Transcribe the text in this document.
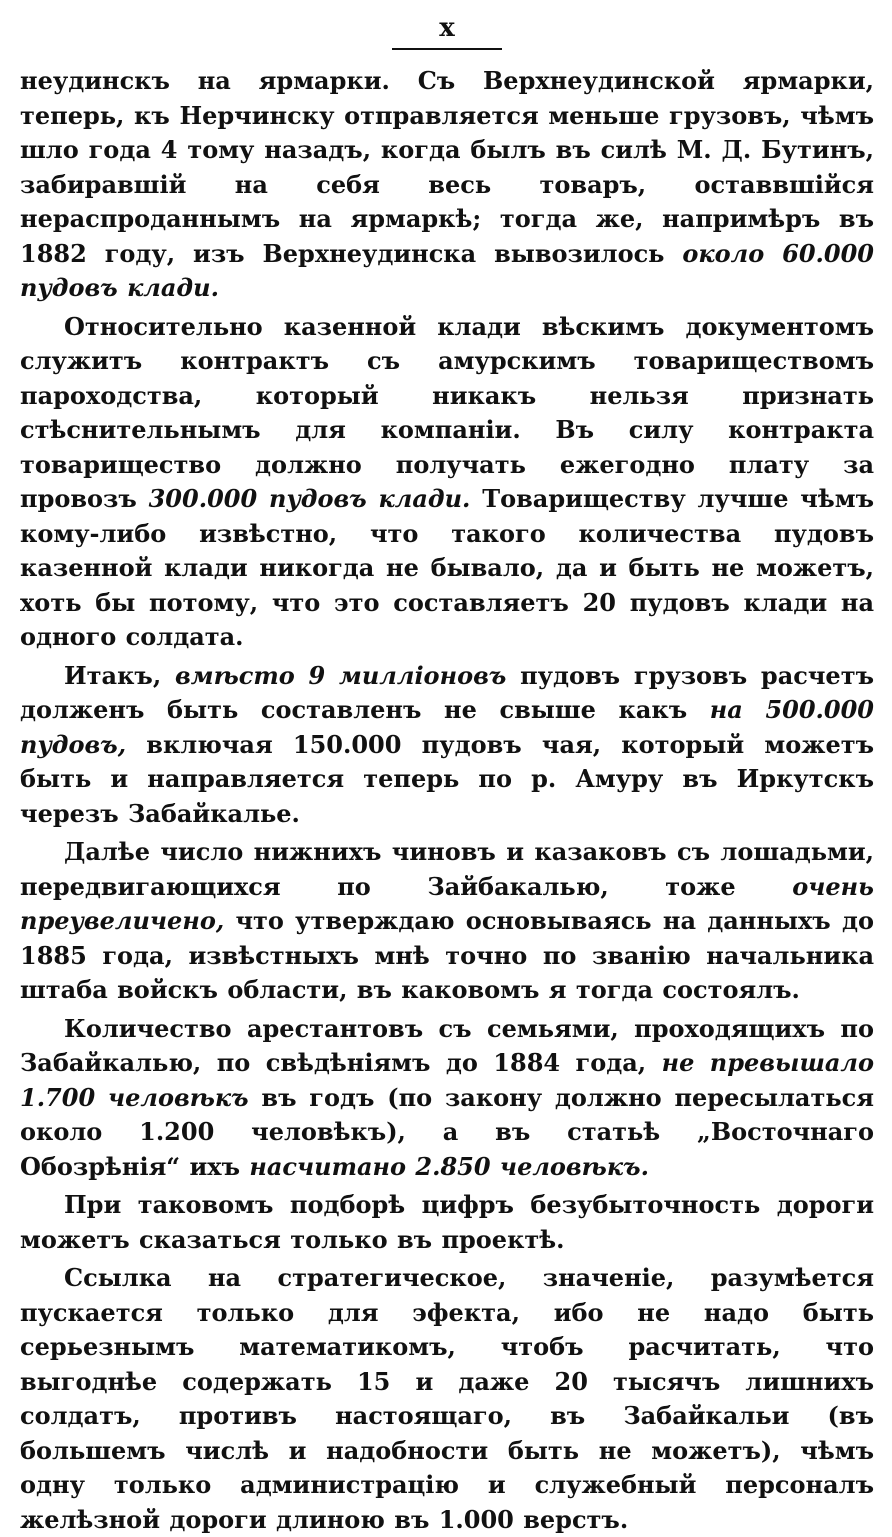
x

неудинскъ на ярмарки. Съ Верхнеудинской ярмарки, теперь, къ Нерчинску отправляется меньше грузовъ, чѣмъ шло года 4 тому назадъ, когда былъ въ силѣ М. Д. Бутинъ, забиравшій на себя весь товаръ, оставвшійся нераспроданнымъ на ярмаркѣ; тогда же, напримѣръ въ 1882 году, изъ Верхнеудинска вывозилось около 60.000 пудовъ клади.

Относительно казенной клади вѣскимъ документомъ служитъ контрактъ съ амурскимъ товариществомъ пароходства, который никакъ нельзя признать стѣснительнымъ для компаніи. Въ силу контракта товарищество должно получать ежегодно плату за провозъ 300.000 пудовъ клади. Товариществу лучше чѣмъ кому-либо извѣстно, что такого количества пудовъ казенной клади никогда не бывало, да и быть не можетъ, хоть бы потому, что это составляетъ 20 пудовъ клади на одного солдата.

Итакъ, вмѣсто 9 милліоновъ пудовъ грузовъ расчетъ долженъ быть составленъ не свыше какъ на 500.000 пудовъ, включая 150.000 пудовъ чая, который можетъ быть и направляется теперь по р. Амуру въ Иркутскъ черезъ Забайкалье.

Далѣе число нижнихъ чиновъ и казаковъ съ лошадьми, передвигающихся по Зайбакалью, тоже очень преувеличено, что утверждаю основываясь на данныхъ до 1885 года, извѣстныхъ мнѣ точно по званію начальника штаба войскъ области, въ каковомъ я тогда состоялъ.

Количество арестантовъ съ семьями, проходящихъ по Забайкалью, по свѣдѣніямъ до 1884 года, не превышало 1.700 человѣкъ въ годъ (по закону должно пересылаться около 1.200 человѣкъ), а въ статьѣ „Восточнаго Обозрѣнія“ ихъ насчитано 2.850 человѣкъ.

При таковомъ подборѣ цифръ безубыточность дороги можетъ сказаться только въ проектѣ.

Ссылка на стратегическое, значеніе, разумѣется пускается только для эфекта, ибо не надо быть серьезнымъ математикомъ, чтобъ расчитать, что выгоднѣе содержать 15 и даже 20 тысячъ лишнихъ солдатъ, противъ настоящаго, въ Забайкальи (въ большемъ числѣ и надобности быть не можетъ), чѣмъ одну только администрацію и служебный персоналъ желѣзной дороги длиною въ 1.000 верстъ.
